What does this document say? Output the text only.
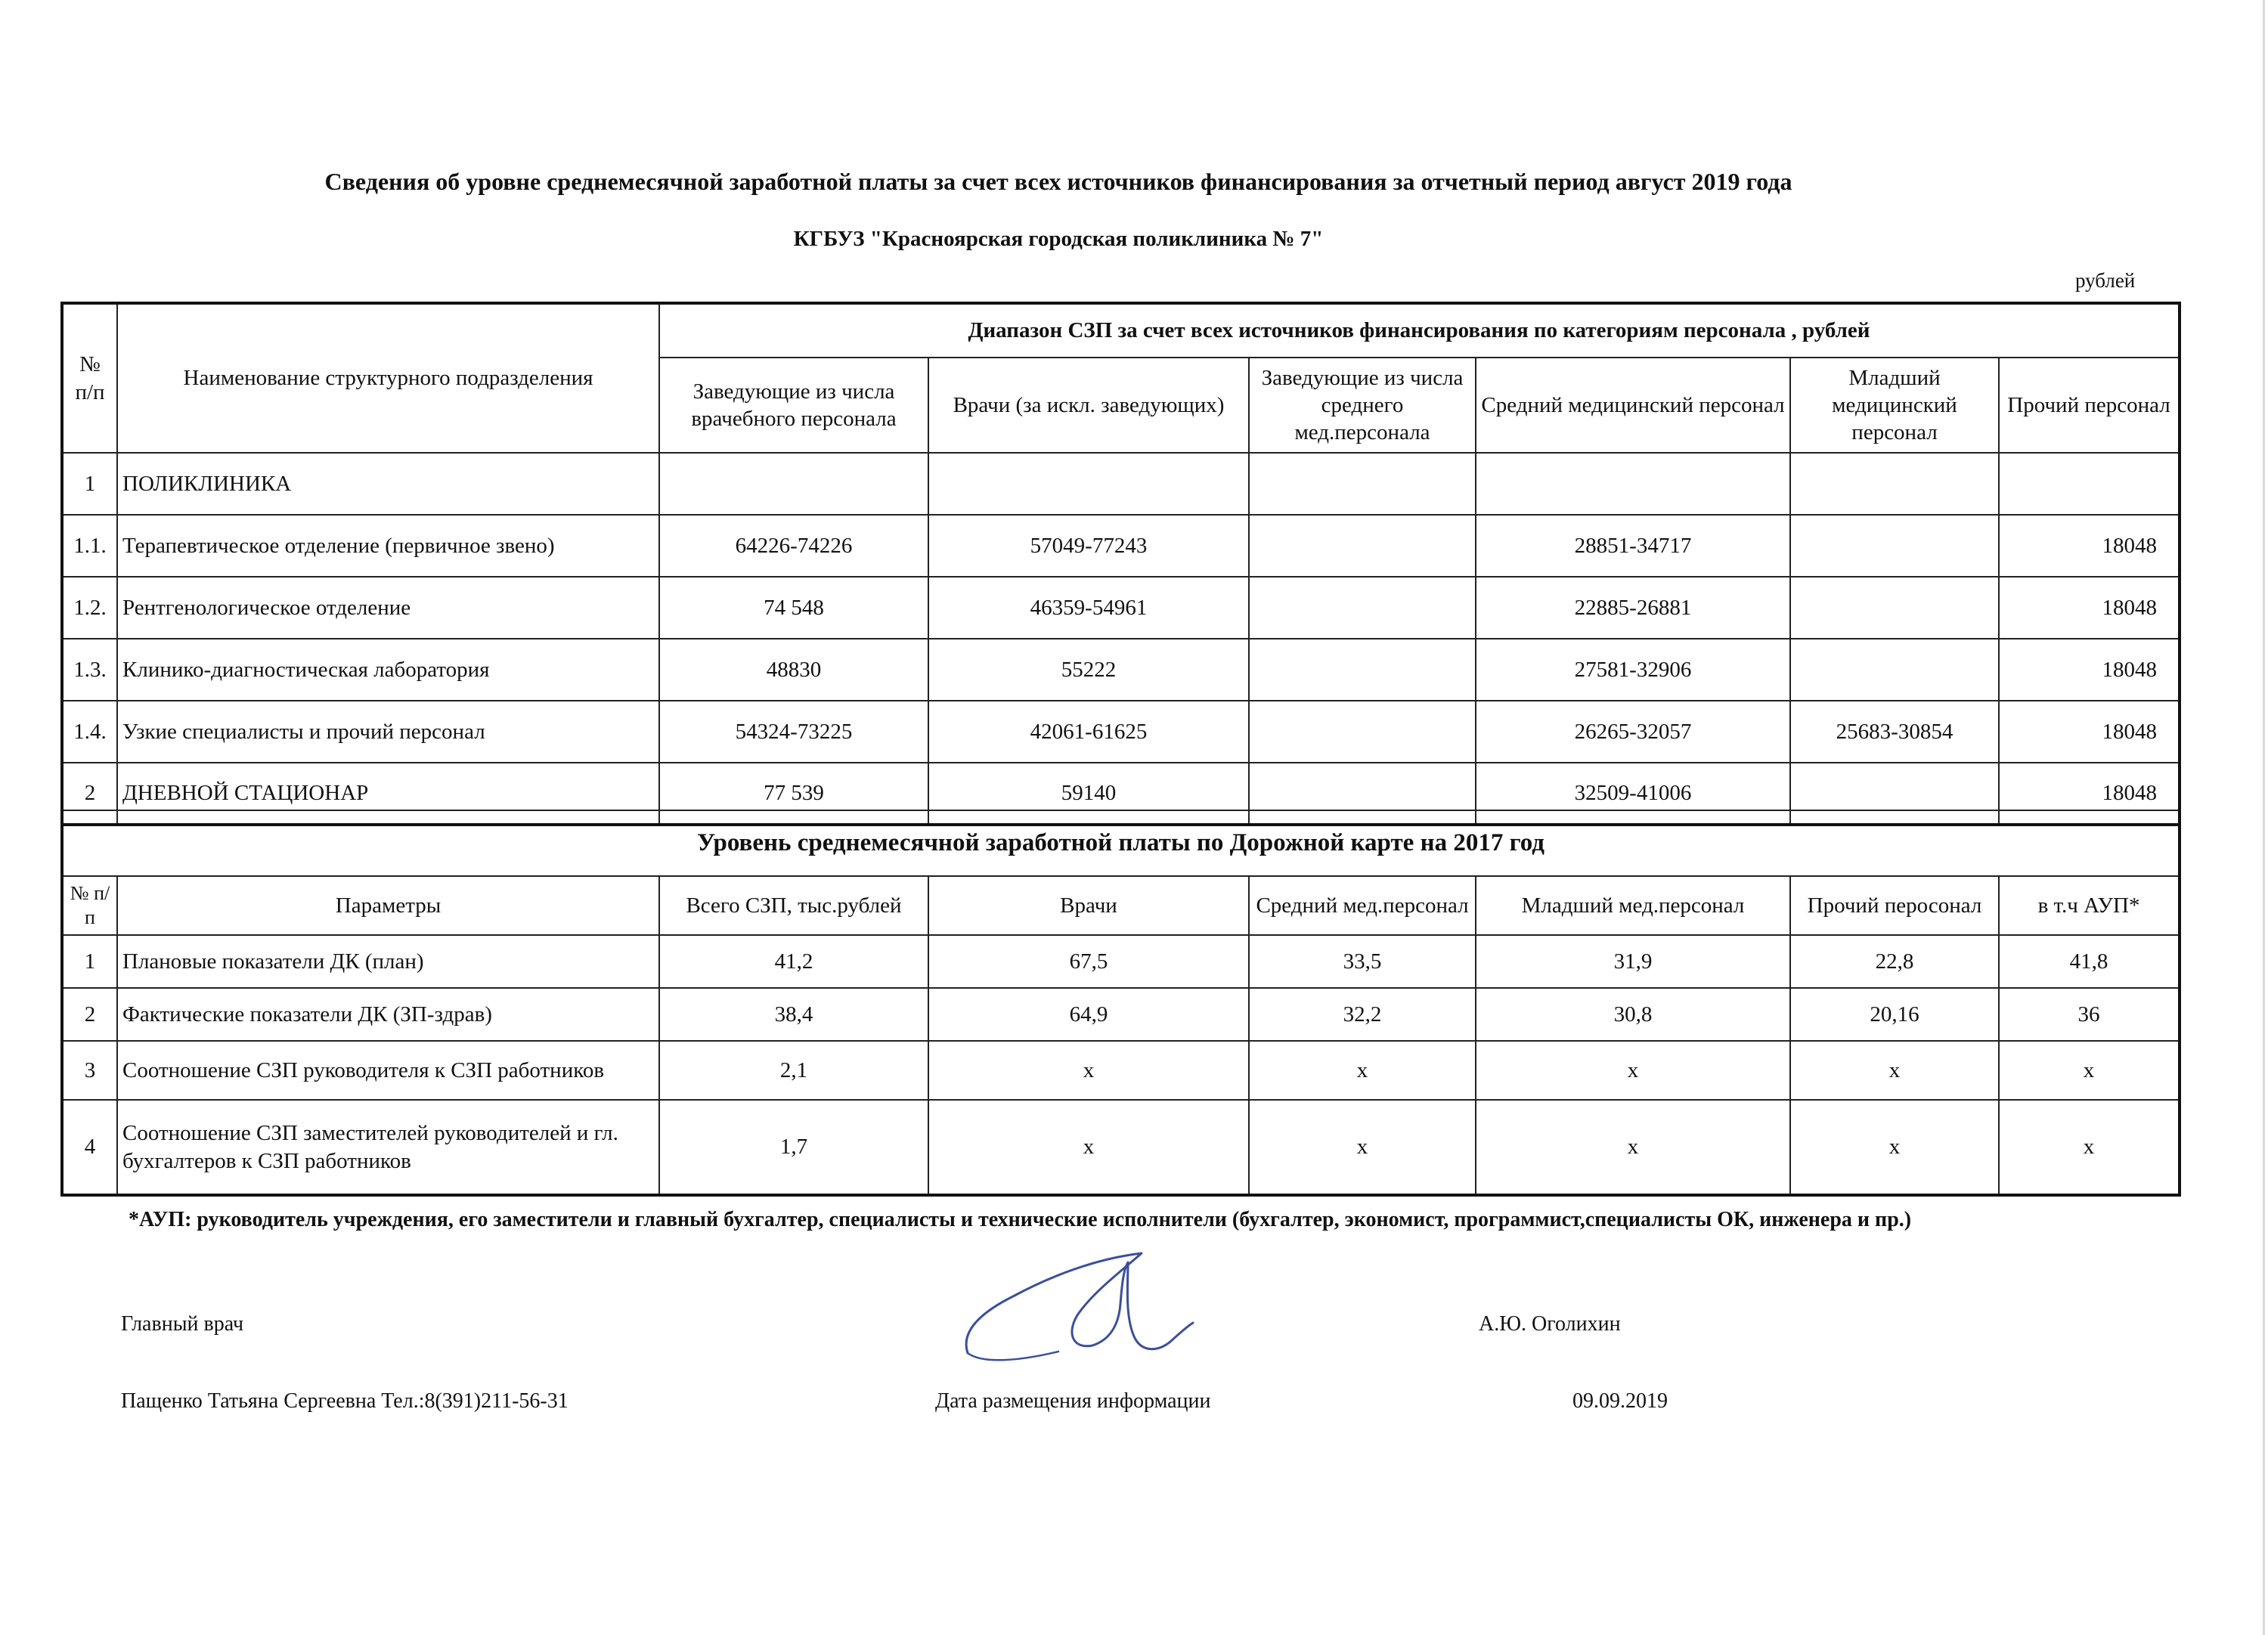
Сведения об уровне среднемесячной заработной платы за счет всех источников финансирования за отчетный период август 2019 года
КГБУЗ "Красноярская городская поликлиника № 7"
рублей
№ п/п	Наименование структурного подразделения	Диапазон СЗП за счет всех источников финансирования по категориям персонала , рублей					
		Заведующие из числа врачебного персонала	Врачи (за искл. заведующих)	Заведующие из числа среднего мед.персонала	Средний медицинский персонал	Младший медицинский персонал	Прочий персонал
1	ПОЛИКЛИНИКА						
1.1.	Терапевтическое отделение (первичное звено)	64226-74226	57049-77243		28851-34717		18048
1.2.	Рентгенологическое отделение	74 548	46359-54961		22885-26881		18048
1.3.	Клинико-диагностическая лаборатория	48830	55222		27581-32906		18048
1.4.	Узкие специалисты и прочий персонал	54324-73225	42061-61625		26265-32057	25683-30854	18048
2	ДНЕВНОЙ СТАЦИОНАР	77 539	59140		32509-41006		18048
Уровень среднемесячной заработной платы по Дорожной карте на 2017 год							
№ п/п	Параметры	Всего СЗП, тыс.рублей	Врачи	Средний мед.персонал	Младший мед.персонал	Прочий перосонал	в т.ч АУП*
1	Плановые показатели ДК (план)	41,2	67,5	33,5	31,9	22,8	41,8
2	Фактические показатели ДК (ЗП-здрав)	38,4	64,9	32,2	30,8	20,16	36
3	Соотношение СЗП руководителя к СЗП работников	2,1	х	х	х	х	х
4	Соотношение СЗП заместителей руководителей и гл. бухгалтеров к СЗП работников	1,7	х	х	х	х	х
*АУП: руководитель учреждения, его заместители и главный бухгалтер, специалисты и технические исполнители (бухгалтер, экономист, программист,специалисты ОК, инженера и пр.)
Главный врач	А.Ю. Оголихин
Пащенко Татьяна Сергеевна Тел.:8(391)211-56-31	Дата размещения информации	09.09.2019
